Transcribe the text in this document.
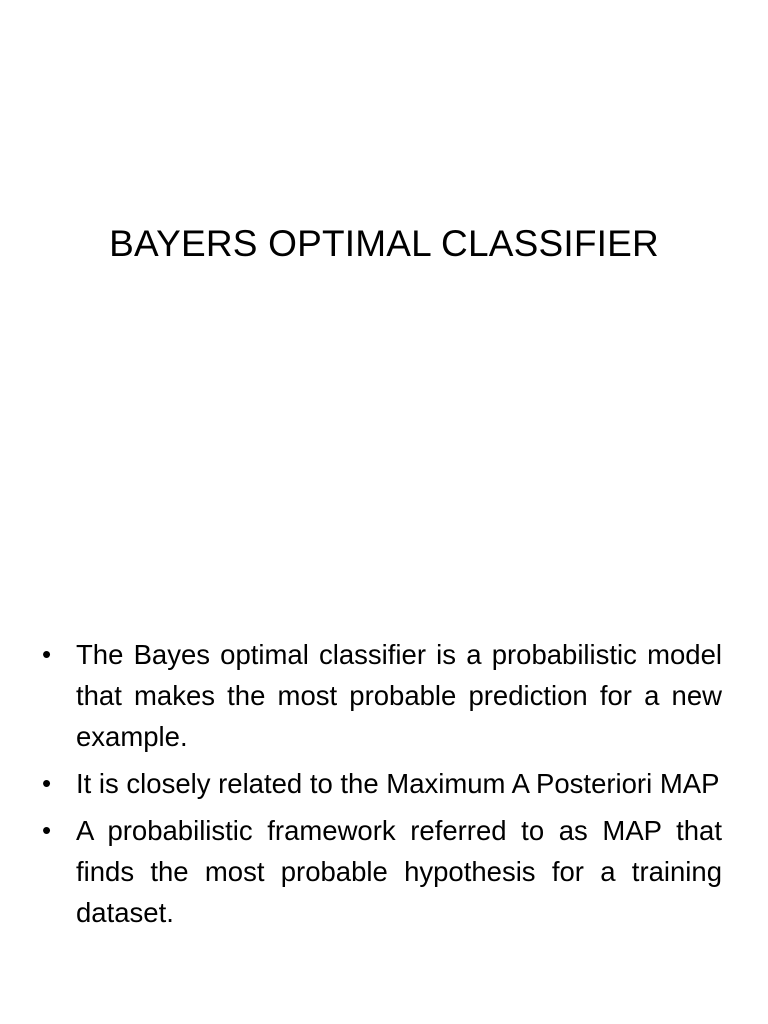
BAYERS OPTIMAL CLASSIFIER
• The Bayes optimal classifier is a probabilistic model that makes the most probable prediction for a new example.
• It is closely related to the Maximum A Posteriori MAP
• A probabilistic framework referred to as MAP that finds the most probable hypothesis for a training dataset.
